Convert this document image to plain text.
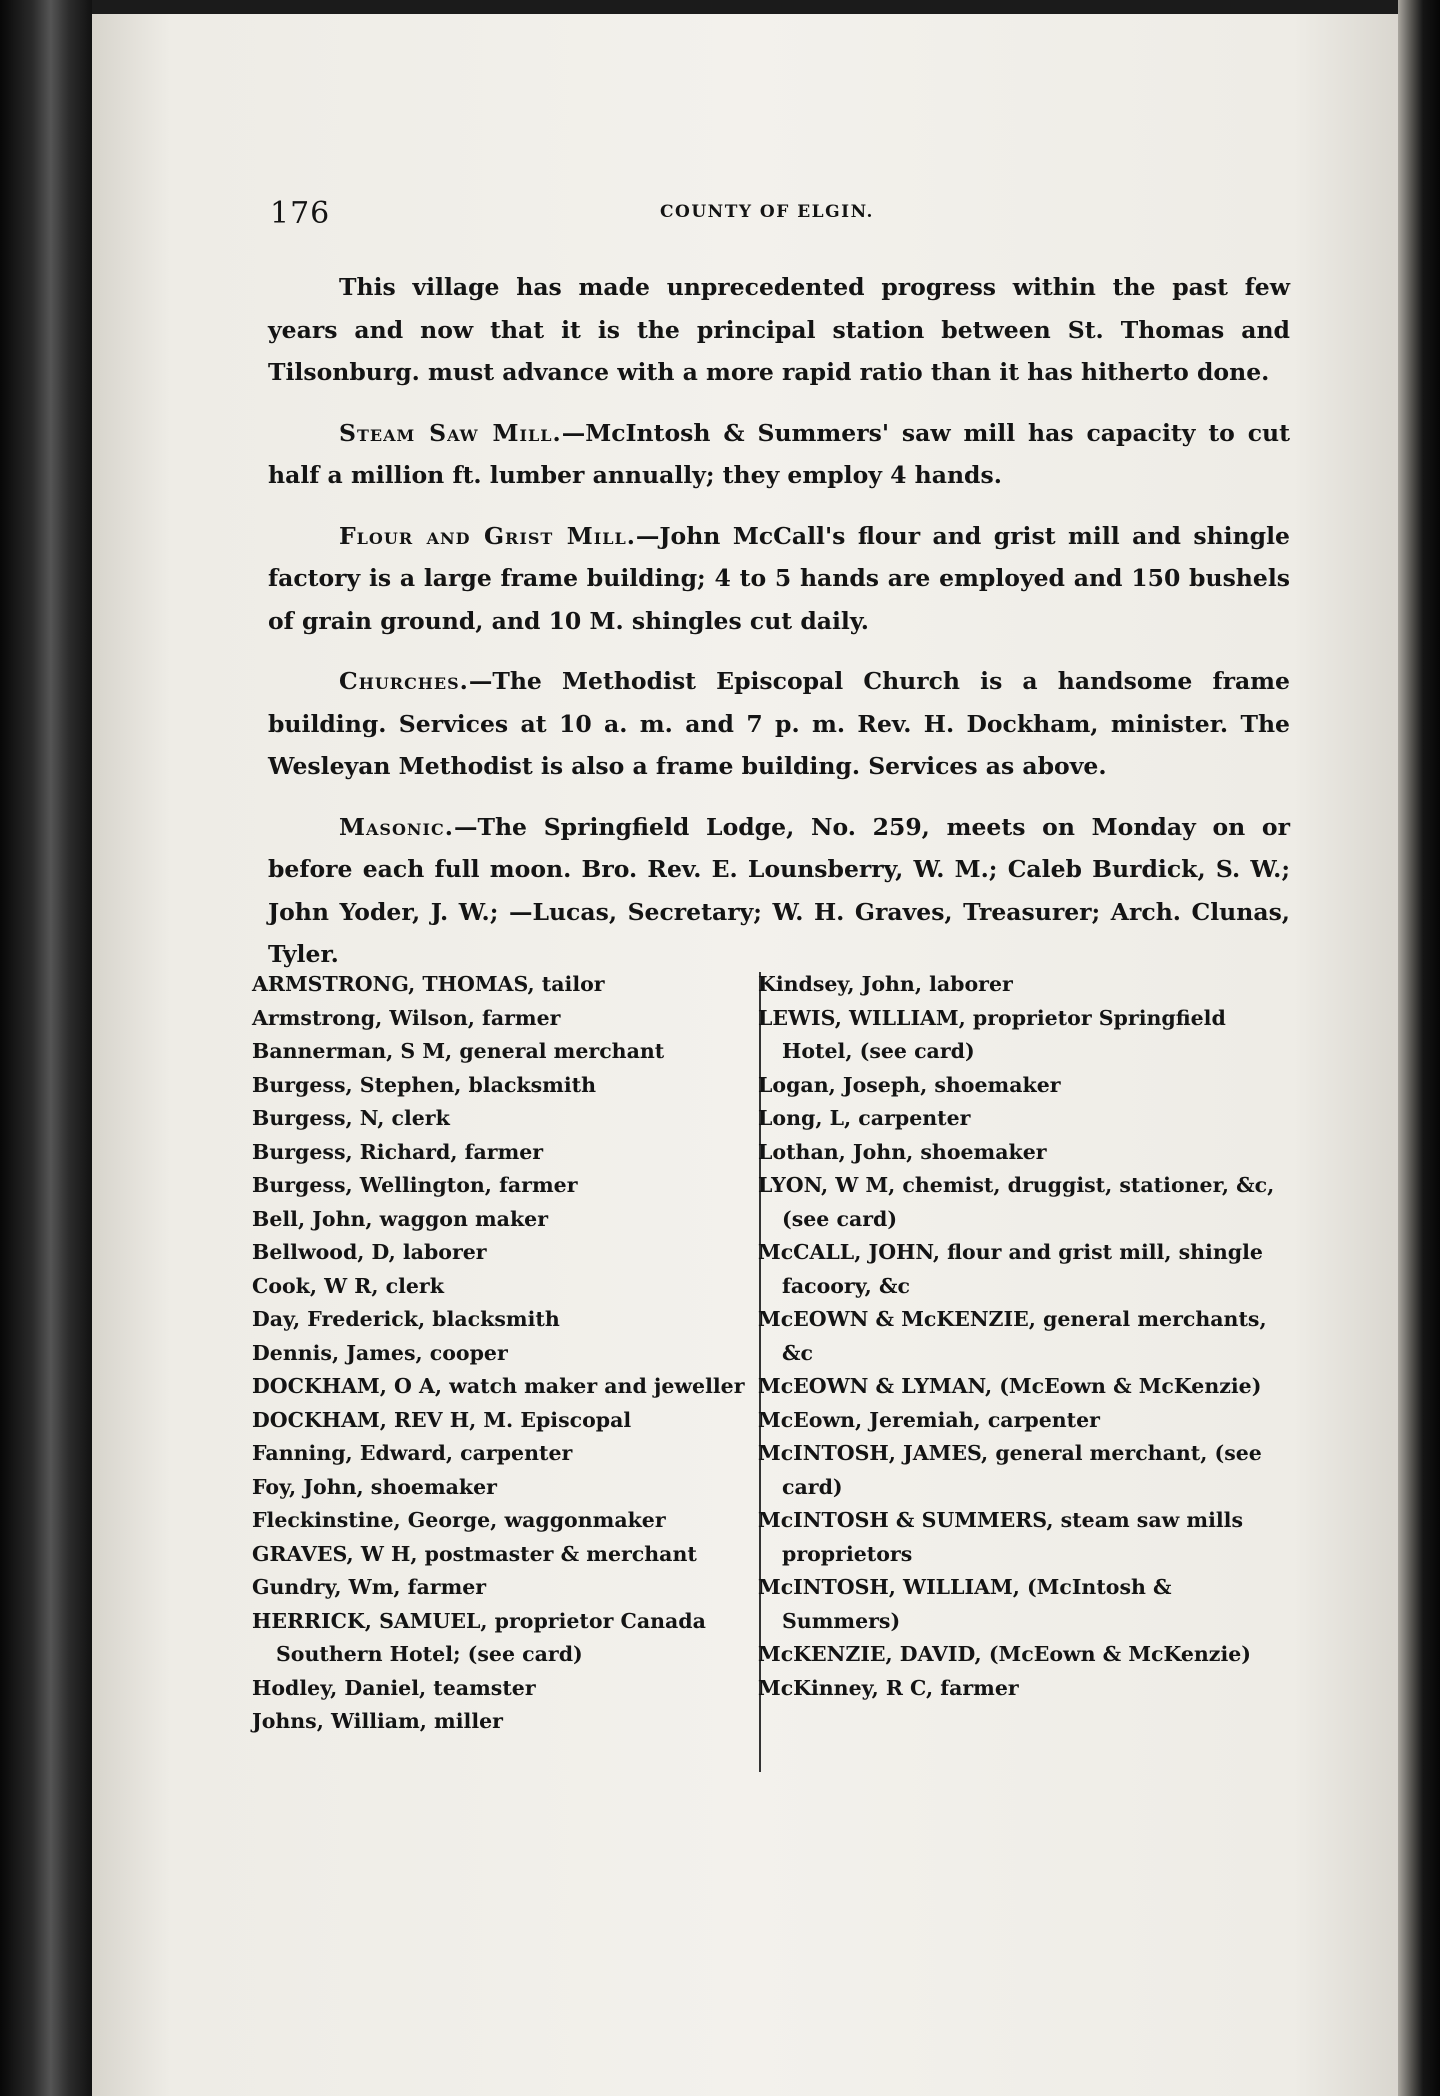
176	COUNTY OF ELGIN.

This village has made unprecedented progress within the past few years and now that it is the principal station between St. Thomas and Tilsonburg. must advance with a more rapid ratio than it has hitherto done.

Steam Saw Mill.—McIntosh & Summers' saw mill has capacity to cut half a million ft. lumber annually; they employ 4 hands.

Flour and Grist Mill.—John McCall's flour and grist mill and shingle factory is a large frame building; 4 to 5 hands are employed and 150 bushels of grain ground, and 10 M. shingles cut daily.

Churches.—The Methodist Episcopal Church is a handsome frame building. Services at 10 a. m. and 7 p. m. Rev. H. Dockham, minister. The Wesleyan Methodist is also a frame building. Services as above.

Masonic.—The Springfield Lodge, No. 259, meets on Monday on or before each full moon. Bro. Rev. E. Lounsberry, W. M.; Caleb Burdick, S. W.; John Yoder, J. W.; —Lucas, Secretary; W. H. Graves, Treasurer; Arch. Clunas, Tyler.

ARMSTRONG, THOMAS, tailor
Armstrong, Wilson, farmer
Bannerman, S M, general merchant
Burgess, Stephen, blacksmith
Burgess, N, clerk
Burgess, Richard, farmer
Burgess, Wellington, farmer
Bell, John, waggon maker
Bellwood, D, laborer
Cook, W R, clerk
Day, Frederick, blacksmith
Dennis, James, cooper
DOCKHAM, O A, watch maker and jeweller
DOCKHAM, REV H, M. Episcopal
Fanning, Edward, carpenter
Foy, John, shoemaker
Fleckinstine, George, waggonmaker
GRAVES, W H, postmaster & merchant
Gundry, Wm, farmer
HERRICK, SAMUEL, proprietor Canada Southern Hotel; (see card)
Hodley, Daniel, teamster
Johns, William, miller
Kindsey, John, laborer
LEWIS, WILLIAM, proprietor Springfield Hotel, (see card)
Logan, Joseph, shoemaker
Long, L, carpenter
Lothan, John, shoemaker
LYON, W M, chemist, druggist, stationer, &c, (see card)
McCALL, JOHN, flour and grist mill, shingle facoory, &c
McEOWN & McKENZIE, general merchants, &c
McEOWN & LYMAN, (McEown & McKenzie)
McEown, Jeremiah, carpenter
McINTOSH, JAMES, general merchant, (see card)
McINTOSH & SUMMERS, steam saw mills proprietors
McINTOSH, WILLIAM, (McIntosh & Summers)
McKENZIE, DAVID, (McEown & McKenzie)
McKinney, R C, farmer
